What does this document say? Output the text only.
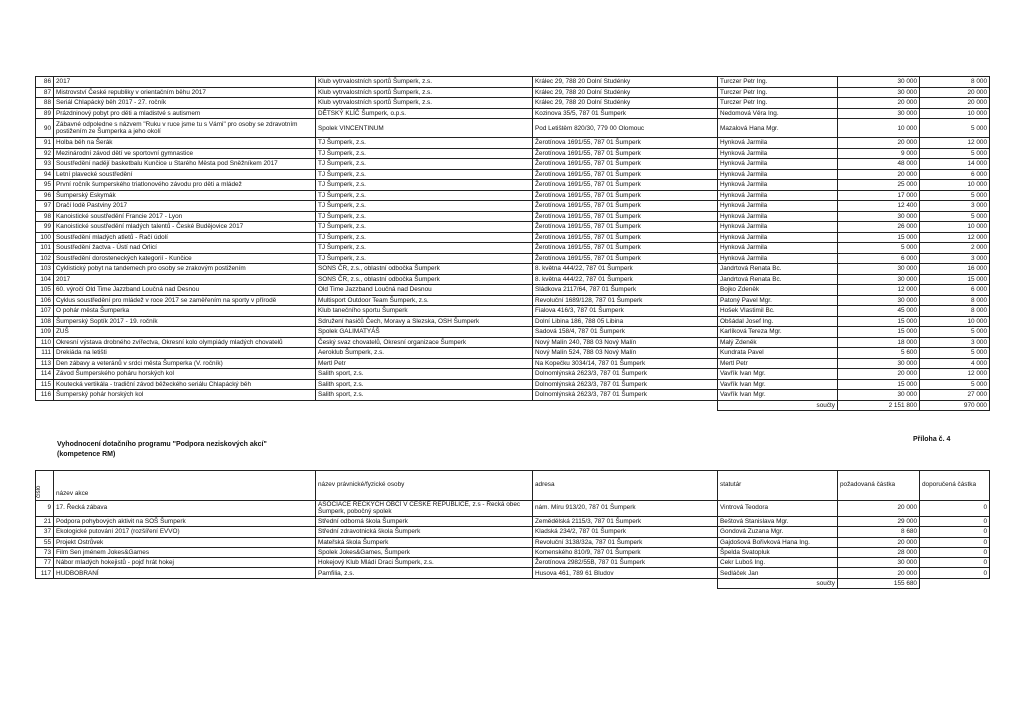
86	2017	Klub vytrvalostních sportů Šumperk, z.s.	Králec 29, 788 20 Dolní Studénky	Turczer Petr Ing.	30 000	8 000
87	Mistrovství České republiky v orientačním běhu 2017	Klub vytrvalostních sportů Šumperk, z.s.	Králec 29, 788 20 Dolní Studénky	Turczer Petr Ing.	30 000	20 000
88	Seriál Chlapácký běh 2017 - 27. ročník	Klub vytrvalostních sportů Šumperk, z.s.	Králec 29, 788 20 Dolní Studénky	Turczer Petr Ing.	20 000	20 000
89	Prázdninový pobyt pro děti a mladistvé s autismem	DĚTSKÝ KLÍČ Šumperk, o.p.s.	Kozinova 35/5, 787 01 Šumperk	Nedomová Věra Ing.	30 000	10 000
90	Zábavné odpoledne s názvem "Ruku v ruce jsme tu s Vámi" pro osoby se zdravotním postižením ze Šumperka a jeho okolí	Spolek VINCENTINUM	Pod Letištěm 820/30, 779 00 Olomouc	Mazalová Hana Mgr.	10 000	5 000
91	Holba běh na Šerák	TJ Šumperk, z.s.	Žerotínova 1691/55, 787 01 Šumperk	Hynková Jarmila	20 000	12 000
92	Mezinárodní závod dětí ve sportovní gymnastice	TJ Šumperk, z.s.	Žerotínova 1691/55, 787 01 Šumperk	Hynková Jarmila	9 000	5 000
93	Soustředění nadějí basketbalu Kunčice u Starého Města pod Sněžníkem 2017	TJ Šumperk, z.s.	Žerotínova 1691/55, 787 01 Šumperk	Hynková Jarmila	48 000	14 000
94	Letní plavecké soustředění	TJ Šumperk, z.s.	Žerotínova 1691/55, 787 01 Šumperk	Hynková Jarmila	20 000	6 000
95	První ročník šumperského triatlonového závodu pro děti a mládež	TJ Šumperk, z.s.	Žerotínova 1691/55, 787 01 Šumperk	Hynková Jarmila	25 000	10 000
96	Šumperský Eskymák	TJ Šumperk, z.s.	Žerotínova 1691/55, 787 01 Šumperk	Hynková Jarmila	17 000	5 000
97	Dračí lodě Pastviny 2017	TJ Šumperk, z.s.	Žerotínova 1691/55, 787 01 Šumperk	Hynková Jarmila	12 400	3 000
98	Kanoistické soustředění Francie 2017 - Lyon	TJ Šumperk, z.s.	Žerotínova 1691/55, 787 01 Šumperk	Hynková Jarmila	30 000	5 000
99	Kanoistické soustředění mladých talentů - České Budějovice 2017	TJ Šumperk, z.s.	Žerotínova 1691/55, 787 01 Šumperk	Hynková Jarmila	26 000	10 000
100	Soustředění mladých atletů - Račí údolí	TJ Šumperk, z.s.	Žerotínova 1691/55, 787 01 Šumperk	Hynková Jarmila	15 000	12 000
101	Soustředění žactva - Ústí nad Orlicí	TJ Šumperk, z.s.	Žerotínova 1691/55, 787 01 Šumperk	Hynková Jarmila	5 000	2 000
102	Soustředění dorosteneckých kategorií - Kunčice	TJ Šumperk, z.s.	Žerotínova 1691/55, 787 01 Šumperk	Hynková Jarmila	6 000	3 000
103	Cyklistický pobyt na tandemech pro osoby se zrakovým postižením	SONS ČR, z.s., oblastní odbočka Šumperk	8. května 444/22, 787 01 Šumperk	Jandrtová Renata Bc.	30 000	16 000
104	2017	SONS ČR, z.s., oblastní odbočka Šumperk	8. května 444/22, 787 01 Šumperk	Jandrtová Renata Bc.	30 000	15 000
105	60. výročí Old Time Jazzband Loučná nad Desnou	Old Time Jazzband Loučná nad Desnou	Sládkova 2117/64, 787 01 Šumperk	Bojko Zdeněk	12 000	6 000
106	Cyklus soustředění pro mládež v roce 2017 se zaměřením na sporty v přírodě	Multisport Outdoor Team Šumperk, z.s.	Revoluční 1689/128, 787 01 Šumperk	Patoný Pavel Mgr.	30 000	8 000
107	O pohár města Šumperka	Klub tanečního sportu Šumperk	Fialova 416/3, 787 01 Šumperk	Hošek Vlastimil Bc.	45 000	8 000
108	Šumperský Soptík 2017 - 19. ročník	Sdružení hasičů Čech, Moravy a Slezska, OSH Šumperk	Dolní Libina 186, 788 05 Libina	Obšádal Josef Ing.	15 000	10 000
109	ZUŠ	Spolek GALIMATYÁŠ	Sadová 158/4, 787 01 Šumperk	Karlíková Tereza Mgr.	15 000	5 000
110	Okresní výstava drobného zvířectva, Okresní kolo olympiády mladých chovatelů	Český svaz chovatelů, Okresní organizace Šumperk	Nový Malín 240, 788 03 Nový Malín	Malý Zdeněk	18 000	3 000
111	Drekiáda na letišti	Aeroklub Šumperk, z.s.	Nový Malín 524, 788 03 Nový Malín	Kundrata Pavel	5 600	5 000
113	Den zábavy a veteránů v srdci města Šumperka (V. ročník)	Mertl Petr	Na Kopečku 3034/14, 787 01 Šumperk	Mertl Petr	30 000	4 000
114	Závod Šumperského poháru horských kol	Salith sport, z.s.	Dolnomlýnská 2623/3, 787 01 Šumperk	Vavřík Ivan Mgr.	20 000	12 000
115	Koutecká vertikála - tradiční závod běžeckého seriálu Chlapácký běh	Salith sport, z.s.	Dolnomlýnská 2623/3, 787 01 Šumperk	Vavřík Ivan Mgr.	15 000	5 000
116	Šumperský pohár horských kol	Salith sport, z.s.	Dolnomlýnská 2623/3, 787 01 Šumperk	Vavřík Ivan Mgr.	30 000	27 000
				součty	2 151 800	970 000
Vyhodnocení dotačního programu "Podpora neziskových akcí"
(kompetence RM)
Příloha č. 4
číslo	název akce	název právnické/fyzické osoby	adresa	statutár	požadovaná částka	doporučená částka
9	17. Řecká zábava	ASOCIACE ŘECKÝCH OBCÍ V ČESKÉ REPUBLICE, z.s - Řecká obec Šumperk, pobočný spolek	nám. Míru 913/20, 787 01 Šumperk	Vintrová Teodora	20 000	0
21	Podpora pohybových aktivit na SOŠ Šumperk	Střední odborná škola Šumperk	Zemědělská 2115/3, 787 01 Šumperk	Beštová Stanislava Mgr.	29 000	0
37	Ekologické putování 2017 (rozšíření EVVO)	Střední zdravotnická škola Šumperk	Kladská 234/2, 787 01 Šumperk	Gondová Zuzana Mgr.	8 680	0
55	Projekt Ostrůvek	Mateřská škola Šumperk	Revoluční 3138/32a, 787 01 Šumperk	Gajdošová Bořivková Hana Ing.	20 000	0
73	Film Sen jménem Jokes&Games	Spolek Jokes&Games, Šumperk	Komenského 810/9, 787 01 Šumperk	Špelda Svatopluk	28 000	0
77	Nábor mladých hokejistů - pojď hrát hokej	Hokejový Klub Mládí Draci Šumperk, z.s.	Žerotínova 2982/55B, 787 01 Šumperk	Cekr Luboš Ing.	30 000	0
117	HUDBOBRANÍ	Pamfilia, z.s.	Husova 461, 789 61 Bludov	Sedláček Jan	20 000	0
				součty	155 680	
